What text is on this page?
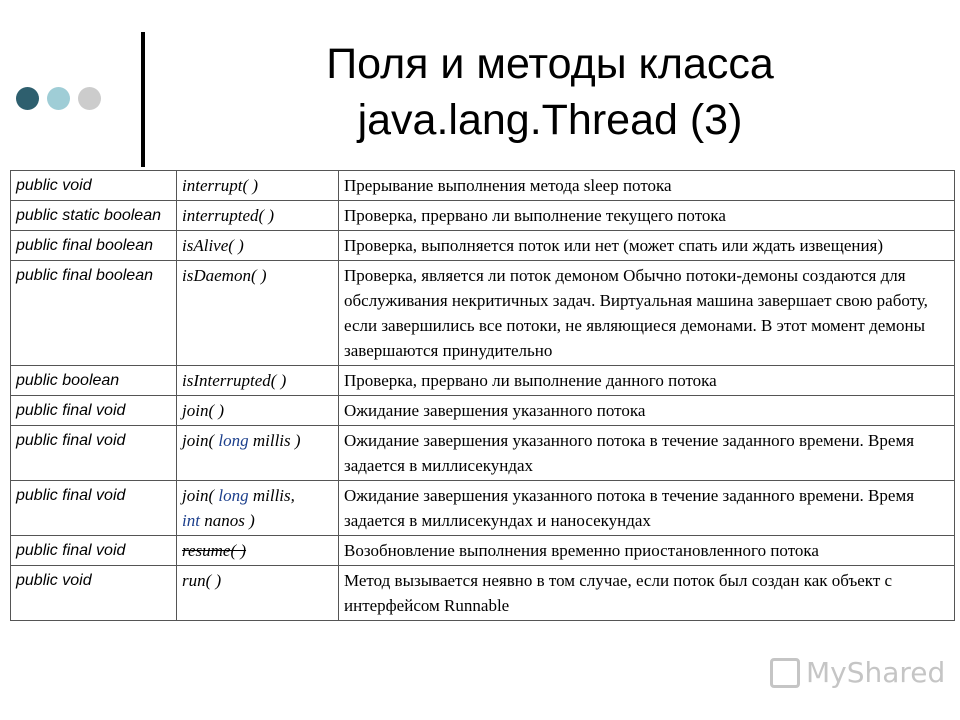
Поля и методы класса
java.lang.Thread (3)
public void	interrupt( )	Прерывание выполнения метода sleep потока
public static boolean	interrupted( )	Проверка, прервано ли выполнение текущего потока
public final boolean	isAlive( )	Проверка, выполняется поток или нет (может спать или ждать извещения)
public final boolean	isDaemon( )	Проверка, является ли поток демоном Обычно потоки-демоны создаются для обслуживания некритичных задач. Виртуальная машина завершает свою работу, если завершились все потоки, не являющиеся демонами. В этот момент демоны завершаются принудительно
public boolean	isInterrupted( )	Проверка, прервано ли выполнение данного потока
public final void	join( )	Ожидание завершения указанного потока
public final void	join( long millis )	Ожидание завершения указанного потока в течение заданного времени. Время задается в миллисекундах
public final void	join( long millis,
int nanos )	Ожидание завершения указанного потока в течение заданного времени. Время задается в миллисекундах и наносекундах
public final void	resume( )	Возобновление выполнения временно приостановленного потока
public void	run( )	Метод вызывается неявно в том случае, если поток был создан как объект с интерфейсом Runnable
MyShared
